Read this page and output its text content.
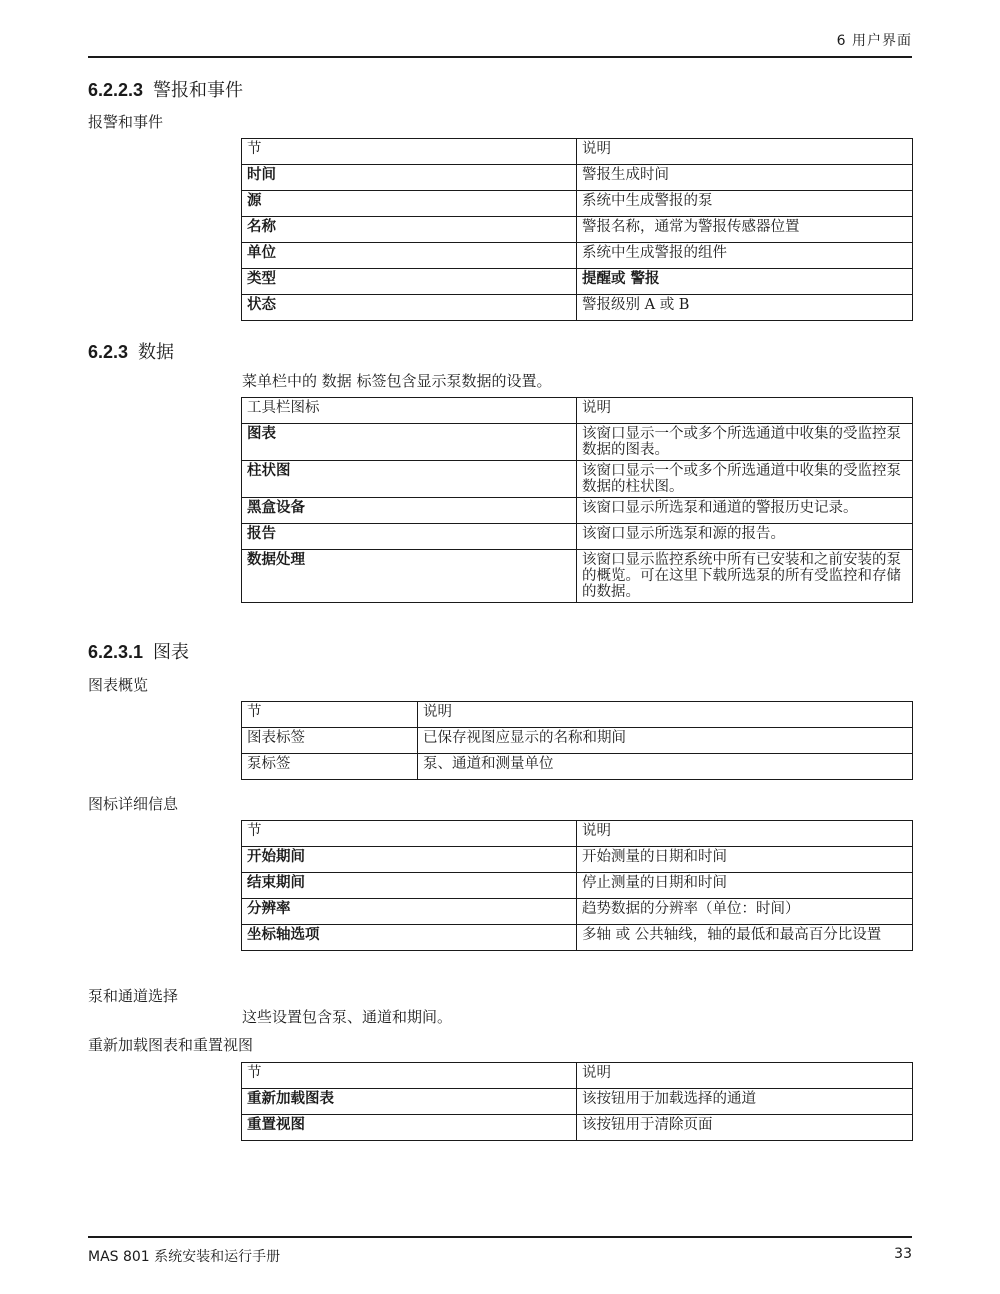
6 用户界面
6.2.2.3 警报和事件
报警和事件
节	说明
时间	警报生成时间
源	系统中生成警报的泵
名称	警报名称，通常为警报传感器位置
单位	系统中生成警报的组件
类型	提醒或 警报
状态	警报级别 A 或 B
6.2.3 数据
菜单栏中的 数据 标签包含显示泵数据的设置。
工具栏图标	说明
图表	该窗口显示一个或多个所选通道中收集的受监控泵数据的图表。
柱状图	该窗口显示一个或多个所选通道中收集的受监控泵数据的柱状图。
黑盒设备	该窗口显示所选泵和通道的警报历史记录。
报告	该窗口显示所选泵和源的报告。
数据处理	该窗口显示监控系统中所有已安装和之前安装的泵的概览。可在这里下载所选泵的所有受监控和存储的数据。
6.2.3.1 图表
图表概览
节	说明
图表标签	已保存视图应显示的名称和期间
泵标签	泵、通道和测量单位
图标详细信息
节	说明
开始期间	开始测量的日期和时间
结束期间	停止测量的日期和时间
分辨率	趋势数据的分辨率（单位：时间）
坐标轴选项	多轴 或 公共轴线，轴的最低和最高百分比设置
泵和通道选择
这些设置包含泵、通道和期间。
重新加载图表和重置视图
节	说明
重新加载图表	该按钮用于加载选择的通道
重置视图	该按钮用于清除页面
MAS 801 系统安装和运行手册	33
